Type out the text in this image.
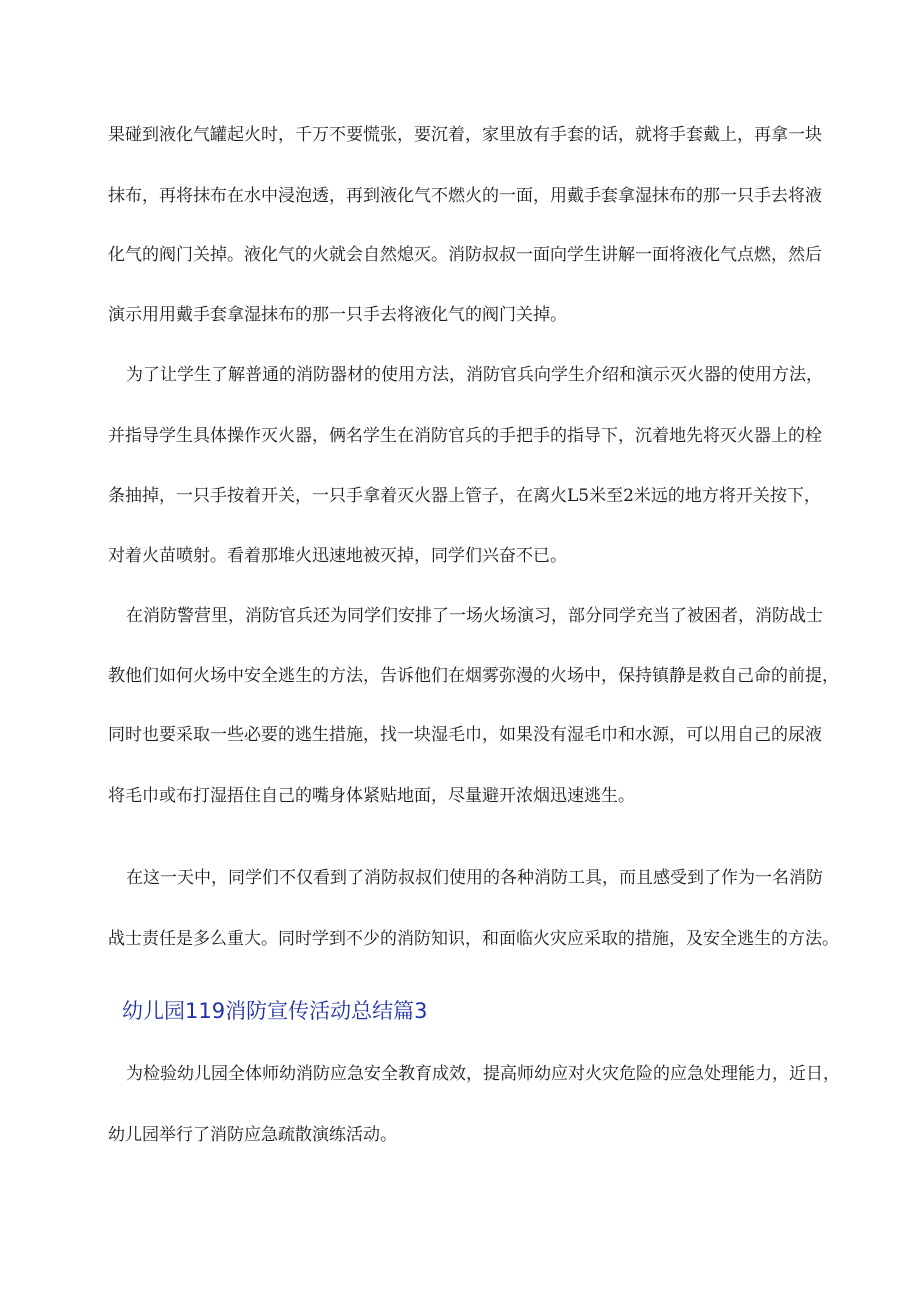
果碰到液化气罐起火时，千万不要慌张，要沉着，家里放有手套的话，就将手套戴上，再拿一块
抹布，再将抹布在水中浸泡透，再到液化气不燃火的一面，用戴手套拿湿抹布的那一只手去将液
化气的阀门关掉。液化气的火就会自然熄灭。消防叔叔一面向学生讲解一面将液化气点燃，然后
演示用用戴手套拿湿抹布的那一只手去将液化气的阀门关掉。
为了让学生了解普通的消防器材的使用方法，消防官兵向学生介绍和演示灭火器的使用方法，
并指导学生具体操作灭火器，俩名学生在消防官兵的手把手的指导下，沉着地先将灭火器上的栓
条抽掉，一只手按着开关，一只手拿着灭火器上管子，在离火L5米至2米远的地方将开关按下，
对着火苗喷射。看着那堆火迅速地被灭掉，同学们兴奋不已。
在消防警营里，消防官兵还为同学们安排了一场火场演习，部分同学充当了被困者，消防战士
教他们如何火场中安全逃生的方法，告诉他们在烟雾弥漫的火场中，保持镇静是救自己命的前提，
同时也要采取一些必要的逃生措施，找一块湿毛巾，如果没有湿毛巾和水源，可以用自己的尿液
将毛巾或布打湿捂住自己的嘴身体紧贴地面，尽量避开浓烟迅速逃生。
在这一天中，同学们不仅看到了消防叔叔们使用的各种消防工具，而且感受到了作为一名消防
战士责任是多么重大。同时学到不少的消防知识，和面临火灾应采取的措施，及安全逃生的方法。
幼儿园119消防宣传活动总结篇3
为检验幼儿园全体师幼消防应急安全教育成效，提高师幼应对火灾危险的应急处理能力，近日，
幼儿园举行了消防应急疏散演练活动。
